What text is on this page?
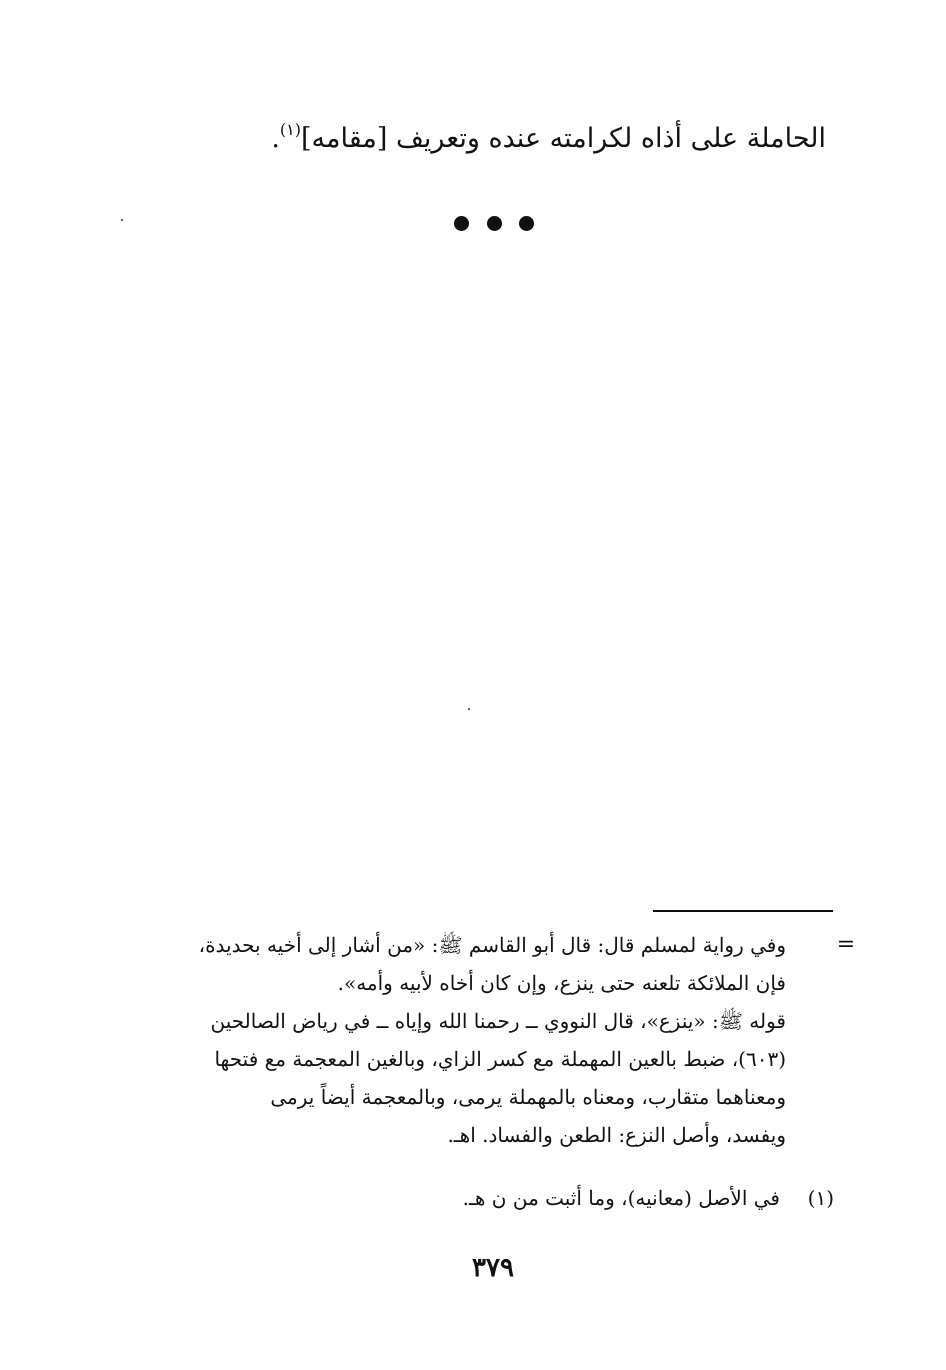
الحاملة على أذاه لكرامته عنده وتعريف [مقامه]$^{(١)}$.
=
وفي رواية لمسلم قال: قال أبو القاسم ﷺ: «من أشار إلى أخيه بحديدة،
فإن الملائكة تلعنه حتى ينزع، وإن كان أخاه لأبيه وأمه».
قوله ﷺ: «ينزع»، قال النووي ــ رحمنا الله وإياه ــ في رياض الصالحين
(٦٠٣)، ضبط بالعين المهملة مع كسر الزاي، وبالغين المعجمة مع فتحها
ومعناهما متقارب، ومعناه بالمهملة يرمى، وبالمعجمة أيضاً يرمى
ويفسد، وأصل النزع: الطعن والفساد. اهـ.
(١)
في الأصل (معانيه)، وما أثبت من ن هـ.
٣٧٩
